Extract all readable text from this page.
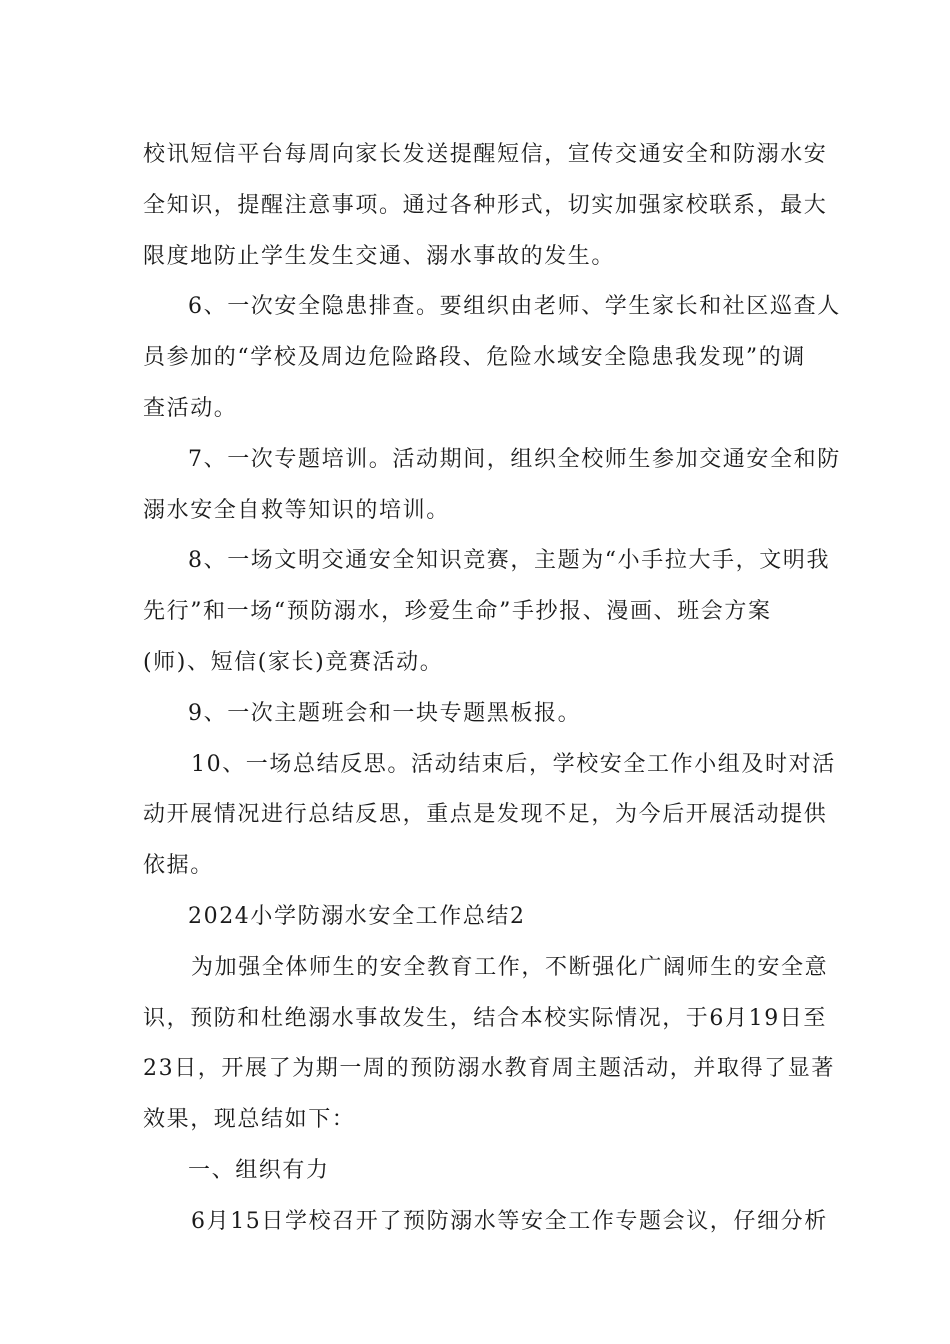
校讯短信平台每周向家长发送提醒短信，宣传交通安全和防溺水安
全知识，提醒注意事项。通过各种形式，切实加强家校联系，最大
限度地防止学生发生交通、溺水事故的发生。

6、一次安全隐患排查。要组织由老师、学生家长和社区巡查人
员参加的“学校及周边危险路段、危险水域安全隐患我发现”的调
查活动。

7、一次专题培训。活动期间，组织全校师生参加交通安全和防
溺水安全自救等知识的培训。

8、一场文明交通安全知识竞赛，主题为“小手拉大手，文明我
先行”和一场“预防溺水，珍爱生命”手抄报、漫画、班会方案
(师)、短信(家长)竞赛活动。

9、一次主题班会和一块专题黑板报。

10、一场总结反思。活动结束后，学校安全工作小组及时对活
动开展情况进行总结反思，重点是发现不足，为今后开展活动提供
依据。

2024小学防溺水安全工作总结2

为加强全体师生的安全教育工作，不断强化广阔师生的安全意
识，预防和杜绝溺水事故发生，结合本校实际情况，于6月19日至
23日，开展了为期一周的预防溺水教育周主题活动，并取得了显著
效果，现总结如下：

一、组织有力

6月15日学校召开了预防溺水等安全工作专题会议，仔细分析
